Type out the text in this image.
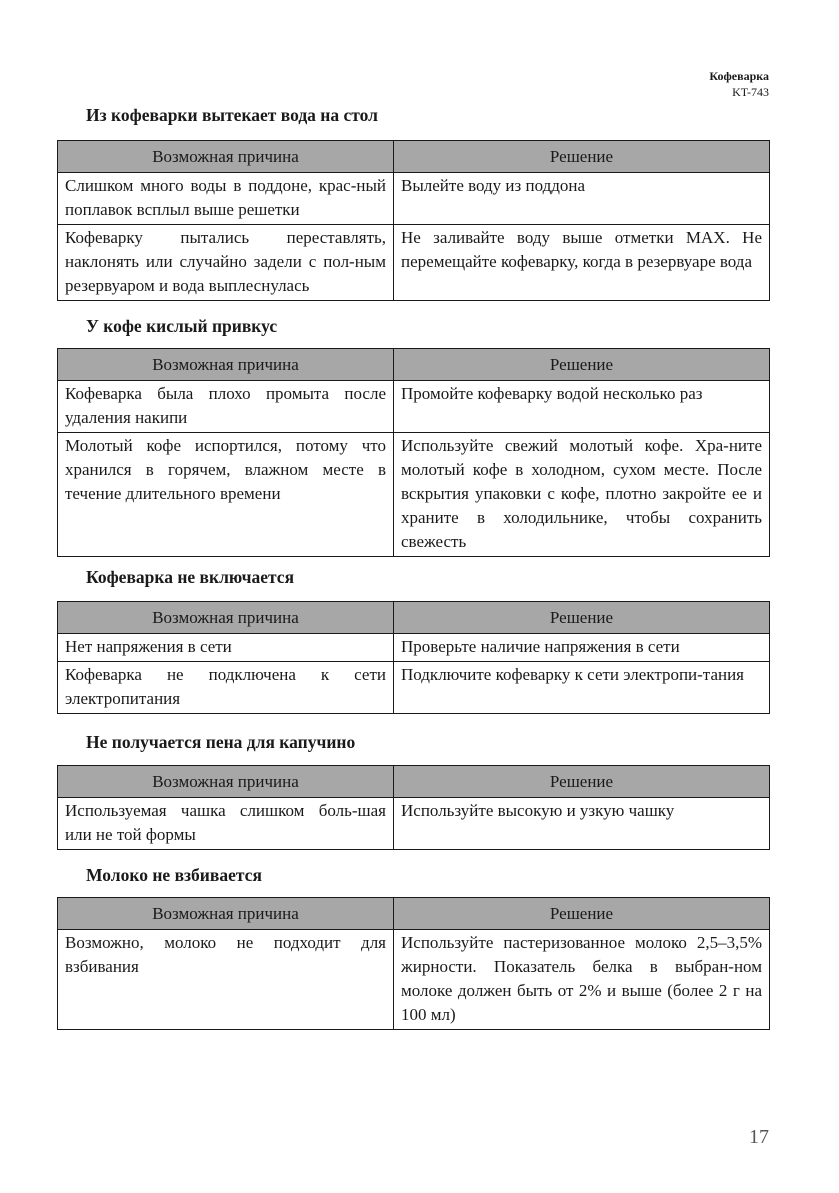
Кофеварка
KT-743
Из кофеварки вытекает вода на стол
Возможная причина	Решение
Слишком много воды в поддоне, крас-ный поплавок всплыл выше решетки	Вылейте воду из поддона
Кофеварку пытались переставлять, наклонять или случайно задели с пол-ным резервуаром и вода выплеснулась	Не заливайте воду выше отметки MAX. Не перемещайте кофеварку, когда в резервуаре вода
У кофе кислый привкус
Возможная причина	Решение
Кофеварка была плохо промыта после удаления накипи	Промойте кофеварку водой несколько раз
Молотый кофе испортился, потому что хранился в горячем, влажном месте в течение длительного времени	Используйте свежий молотый кофе. Хра-ните молотый кофе в холодном, сухом месте. После вскрытия упаковки с кофе, плотно закройте ее и храните в холодильнике, чтобы сохранить свежесть
Кофеварка не включается
Возможная причина	Решение
Нет напряжения в сети	Проверьте наличие напряжения в сети
Кофеварка не подключена к сети электропитания	Подключите кофеварку к сети электропи-тания
Не получается пена для капучино
Возможная причина	Решение
Используемая чашка слишком боль-шая или не той формы	Используйте высокую и узкую чашку
Молоко не взбивается
Возможная причина	Решение
Возможно, молоко не подходит для взбивания	Используйте пастеризованное молоко 2,5–3,5% жирности. Показатель белка в выбран-ном молоке должен быть от 2% и выше (более 2 г на 100 мл)
17
